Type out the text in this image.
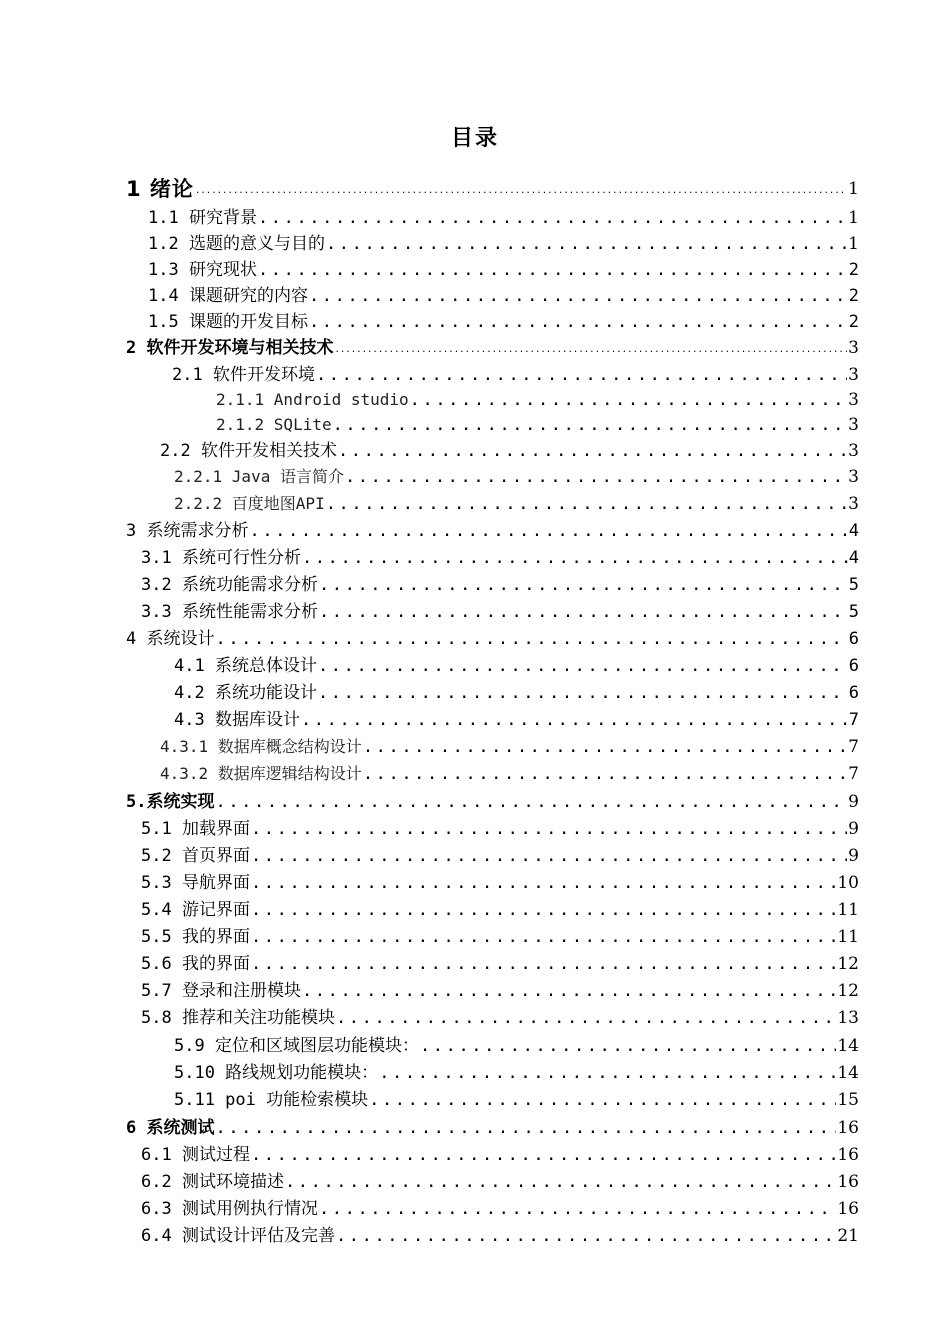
目录
1 绪论 .....	1
1.1 研究背景 .....	1
1.2 选题的意义与目的 .....	1
1.3 研究现状 .....	2
1.4 课题研究的内容 .....	2
1.5 课题的开发目标 .....	2
2 软件开发环境与相关技术 .....	3
2.1 软件开发环境 .....	3
2.1.1 Android studio .....	3
2.1.2 SQLite .....	3
2.2 软件开发相关技术 .....	3
2.2.1 Java 语言简介 .....	3
2.2.2 百度地图API .....	3
3 系统需求分析 .....	4
3.1 系统可行性分析 .....	4
3.2 系统功能需求分析 .....	5
3.3 系统性能需求分析 .....	5
4 系统设计 .....	6
4.1 系统总体设计 .....	6
4.2 系统功能设计 .....	6
4.3 数据库设计 .....	7
4.3.1 数据库概念结构设计 .....	7
4.3.2 数据库逻辑结构设计 .....	7
5.系统实现 .....	9
5.1 加载界面 .....	9
5.2 首页界面 .....	9
5.3 导航界面 .....	10
5.4 游记界面 .....	11
5.5 我的界面 .....	11
5.6 我的界面 .....	12
5.7 登录和注册模块 .....	12
5.8 推荐和关注功能模块 .....	13
5.9 定位和区域图层功能模块： .....	14
5.10 路线规划功能模块： .....	14
5.11 poi 功能检索模块 .....	15
6 系统测试 .....	16
6.1 测试过程 .....	16
6.2 测试环境描述 .....	16
6.3 测试用例执行情况 .....	16
6.4 测试设计评估及完善 .....	21
